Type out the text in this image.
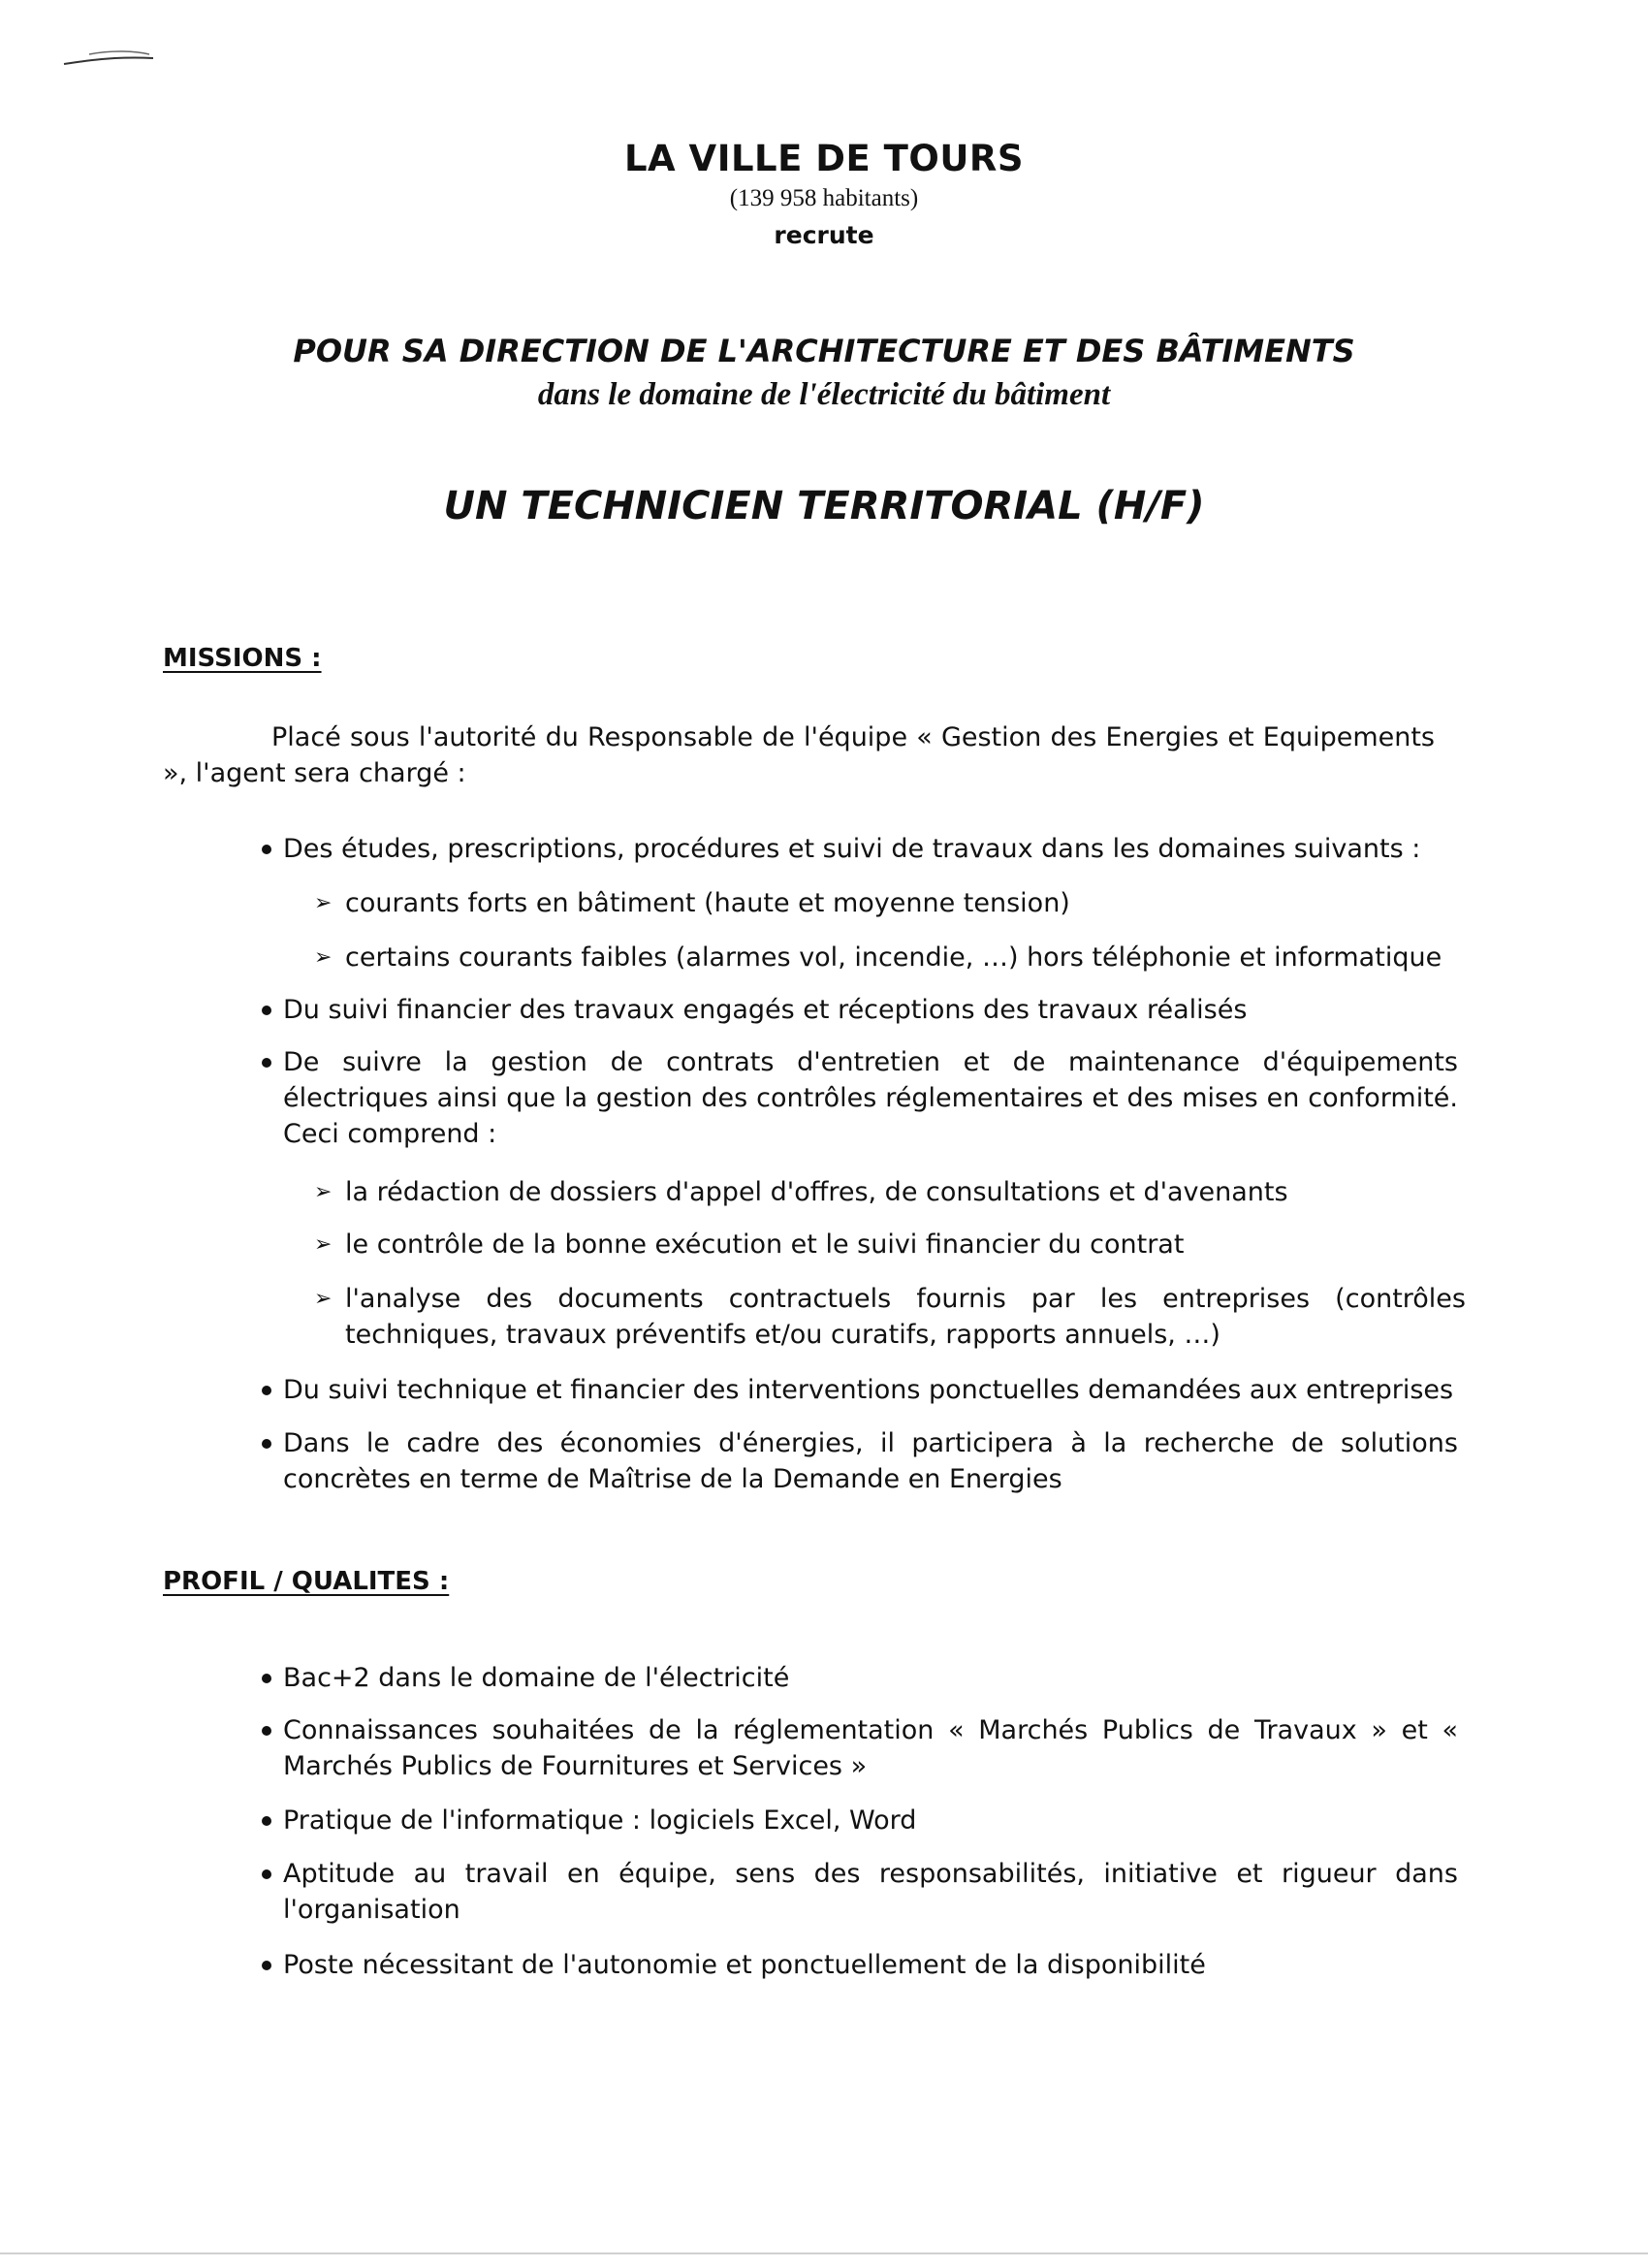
LA VILLE DE TOURS
(139 958 habitants)
recrute
POUR SA DIRECTION DE L'ARCHITECTURE ET DES BÂTIMENTS
dans le domaine de l'électricité du bâtiment
UN TECHNICIEN TERRITORIAL (H/F)
MISSIONS :
Placé sous l'autorité du Responsable de l'équipe « Gestion des Energies et Equipements », l'agent sera chargé :
Des études, prescriptions, procédures et suivi de travaux dans les domaines suivants :
➢ courants forts en bâtiment (haute et moyenne tension)
➢ certains courants faibles (alarmes vol, incendie, …) hors téléphonie et informatique
Du suivi financier des travaux engagés et réceptions des travaux réalisés
De suivre la gestion de contrats d'entretien et de maintenance d'équipements électriques ainsi que la gestion des contrôles réglementaires et des mises en conformité. Ceci comprend :
➢ la rédaction de dossiers d'appel d'offres, de consultations et d'avenants
➢ le contrôle de la bonne exécution et le suivi financier du contrat
➢ l'analyse des documents contractuels fournis par les entreprises (contrôles techniques, travaux préventifs et/ou curatifs, rapports annuels, …)
Du suivi technique et financier des interventions ponctuelles demandées aux entreprises
Dans le cadre des économies d'énergies, il participera à la recherche de solutions concrètes en terme de Maîtrise de la Demande en Energies
PROFIL / QUALITES :
Bac+2 dans le domaine de l'électricité
Connaissances souhaitées de la réglementation « Marchés Publics de Travaux » et « Marchés Publics de Fournitures et Services »
Pratique de l'informatique : logiciels Excel, Word
Aptitude au travail en équipe, sens des responsabilités, initiative et rigueur dans l'organisation
Poste nécessitant de l'autonomie et ponctuellement de la disponibilité
